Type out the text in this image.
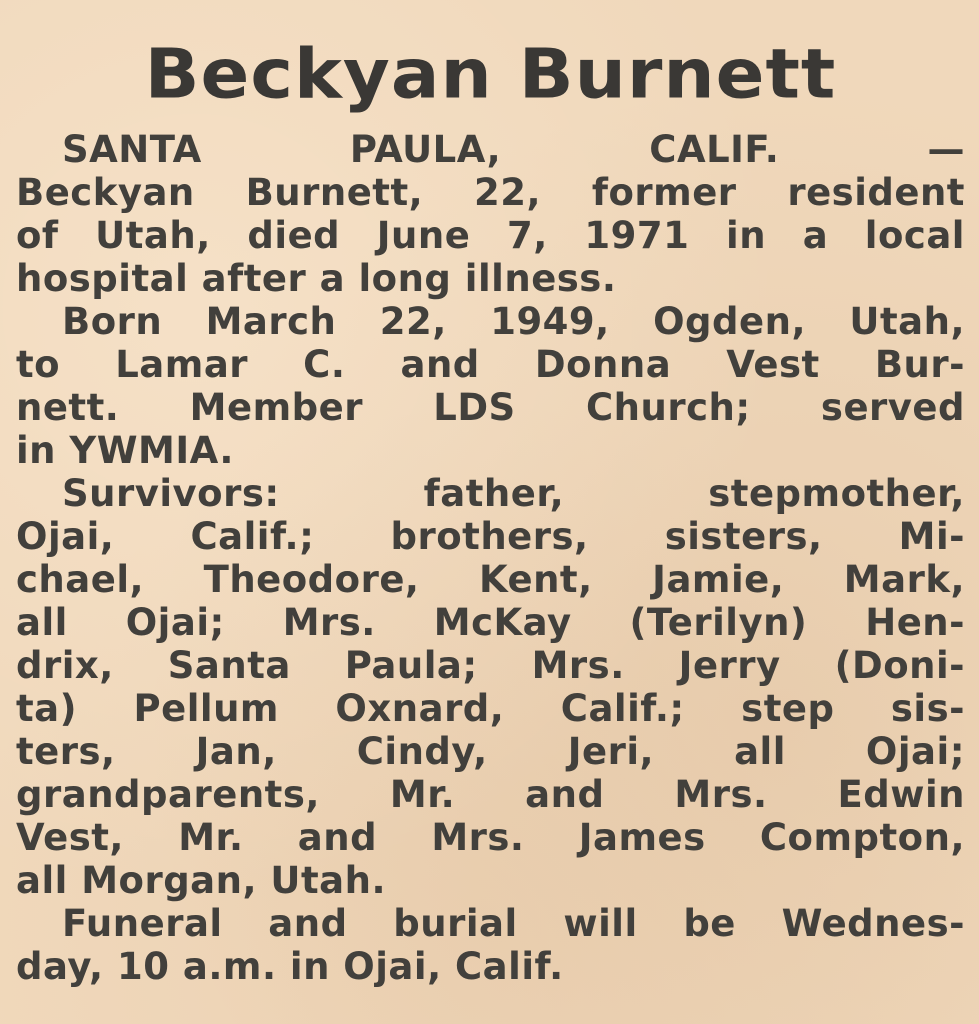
Beckyan Burnett
SANTA PAULA, CALIF. —
Beckyan Burnett, 22, former resident
of Utah, died June 7, 1971 in a local
hospital after a long illness.
Born March 22, 1949, Ogden, Utah,
to Lamar C. and Donna Vest Bur-
nett. Member LDS Church; served
in YWMIA.
Survivors: father, stepmother,
Ojai, Calif.; brothers, sisters, Mi-
chael, Theodore, Kent, Jamie, Mark,
all Ojai; Mrs. McKay (Terilyn) Hen-
drix, Santa Paula; Mrs. Jerry (Doni-
ta) Pellum Oxnard, Calif.; step sis-
ters, Jan, Cindy, Jeri, all Ojai;
grandparents, Mr. and Mrs. Edwin
Vest, Mr. and Mrs. James Compton,
all Morgan, Utah.
Funeral and burial will be Wednes-
day, 10 a.m. in Ojai, Calif.
